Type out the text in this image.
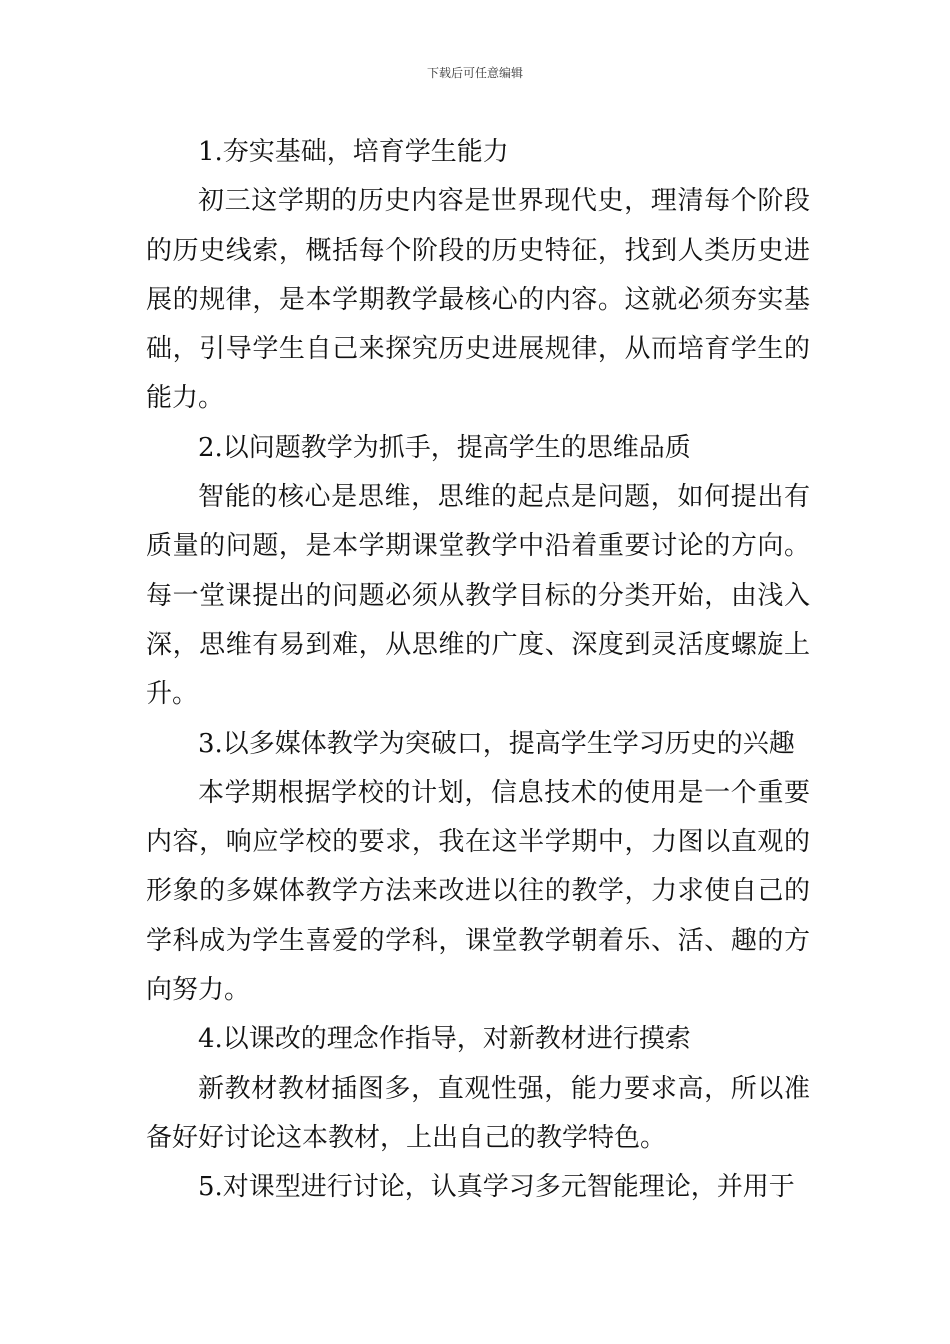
下载后可任意编辑

1.夯实基础，培育学生能力

初三这学期的历史内容是世界现代史，理清每个阶段的历史线索，概括每个阶段的历史特征，找到人类历史进展的规律，是本学期教学最核心的内容。这就必须夯实基础，引导学生自己来探究历史进展规律，从而培育学生的能力。

2.以问题教学为抓手，提高学生的思维品质

智能的核心是思维，思维的起点是问题，如何提出有质量的问题，是本学期课堂教学中沿着重要讨论的方向。每一堂课提出的问题必须从教学目标的分类开始，由浅入深，思维有易到难，从思维的广度、深度到灵活度螺旋上升。

3.以多媒体教学为突破口，提高学生学习历史的兴趣

本学期根据学校的计划，信息技术的使用是一个重要内容，响应学校的要求，我在这半学期中，力图以直观的形象的多媒体教学方法来改进以往的教学，力求使自己的学科成为学生喜爱的学科，课堂教学朝着乐、活、趣的方向努力。

4.以课改的理念作指导，对新教材进行摸索

新教材教材插图多，直观性强，能力要求高，所以准备好好讨论这本教材，上出自己的教学特色。

5.对课型进行讨论，认真学习多元智能理论，并用于
